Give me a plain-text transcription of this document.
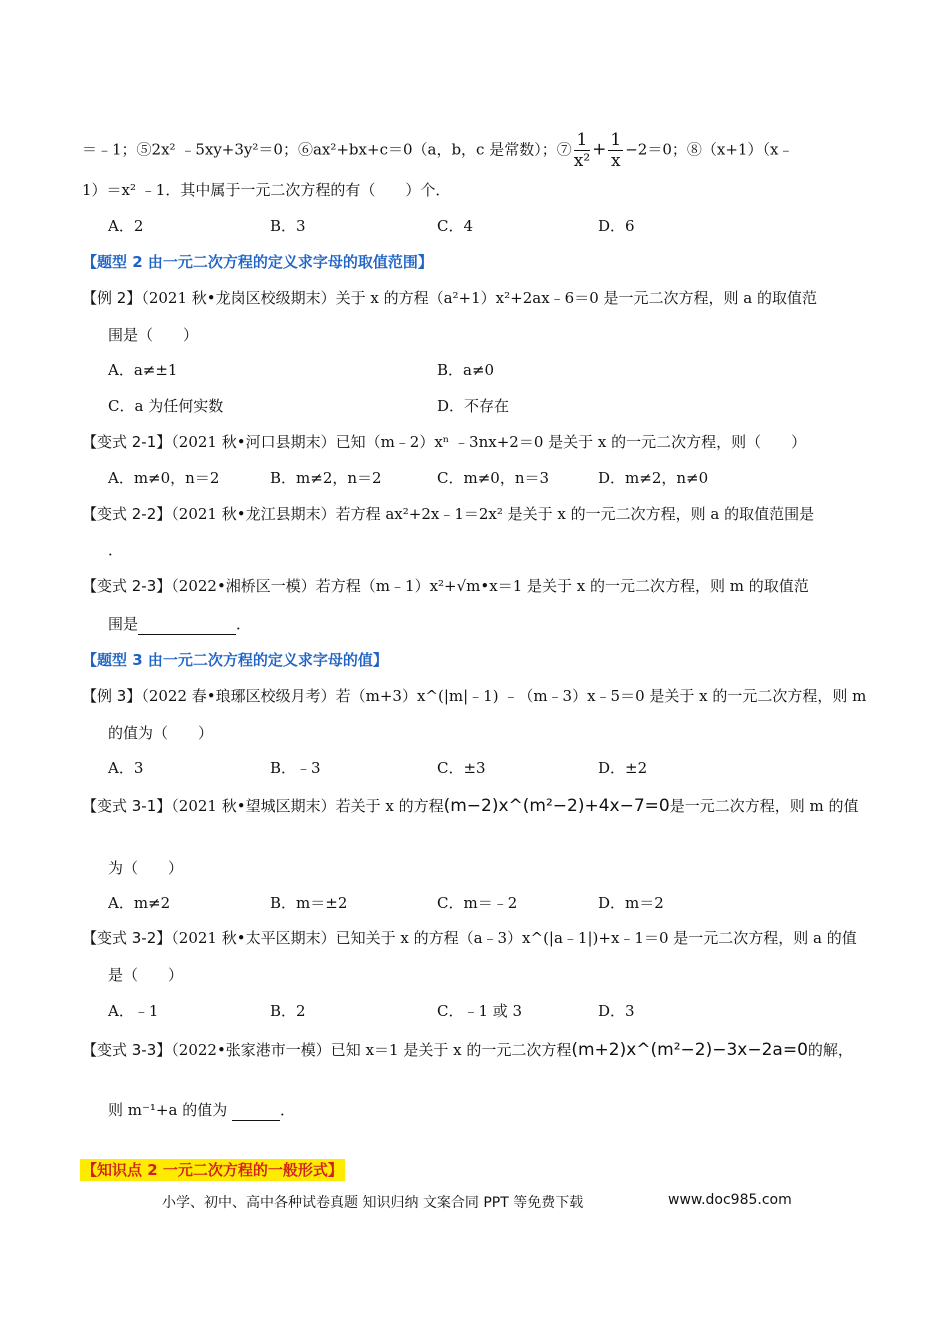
＝﹣1；⑤2x² ﹣5xy+3y²＝0；⑥ax²+bx+c＝0（a，b，c 是常数）；⑦ $\frac{1}{\text{x²}} + \frac{1}{x} -2=0$；⑧（x+1）（x﹣
1）＝x² ﹣1．其中属于一元二次方程的有（　　）个．
A．2	B．3	C．4	D．6
【题型 2 由一元二次方程的定义求字母的取值范围】
【例 2】（2021 秋•龙岗区校级期末）关于 x 的方程（a²+1）x²+2ax﹣6＝0 是一元二次方程，则 a 的取值范
围是（　　）
A．a≠±1	B．a≠0
C．a 为任何实数	D．不存在
【变式 2-1】（2021 秋•河口县期末）已知（m﹣2）xⁿ ﹣3nx+2＝0 是关于 x 的一元二次方程，则（　　）
A．m≠0，n＝2	B．m≠2，n＝2	C．m≠0，n＝3	D．m≠2，n≠0
【变式 2-2】（2021 秋•龙江县期末）若方程 ax²+2x﹣1＝2x² 是关于 x 的一元二次方程，则 a 的取值范围是
．
【变式 2-3】（2022•湘桥区一模）若方程（m﹣1）x²+√m•x＝1 是关于 x 的一元二次方程，则 m 的取值范
围是	．
【题型 3 由一元二次方程的定义求字母的值】
【例 3】（2022 春•琅琊区校级月考）若（m+3）x^(|m|﹣1) ﹣（m﹣3）x﹣5＝0 是关于 x 的一元二次方程，则 m
的值为（　　）
A．3	B．﹣3	C．±3	D．±2
【变式 3-1】（2021 秋•望城区期末）若关于 x 的方程(m−2)x^(m²−2)+4x−7=0是一元二次方程，则 m 的值
为（　　）
A．m≠2	B．m＝±2	C．m＝﹣2	D．m＝2
【变式 3-2】（2021 秋•太平区期末）已知关于 x 的方程（a﹣3）x^(|a﹣1|)+x﹣1＝0 是一元二次方程，则 a 的值
是（　　）
A．﹣1	B．2	C．﹣1 或 3	D．3
【变式 3-3】（2022•张家港市一模）已知 x＝1 是关于 x 的一元二次方程(m+2)x^(m²−2)−3x−2a=0的解，
则 m⁻¹+a 的值为	．
【知识点 2 一元二次方程的一般形式】
小学、初中、高中各种试卷真题 知识归纳 文案合同 PPT 等免费下载	www.doc985.com
